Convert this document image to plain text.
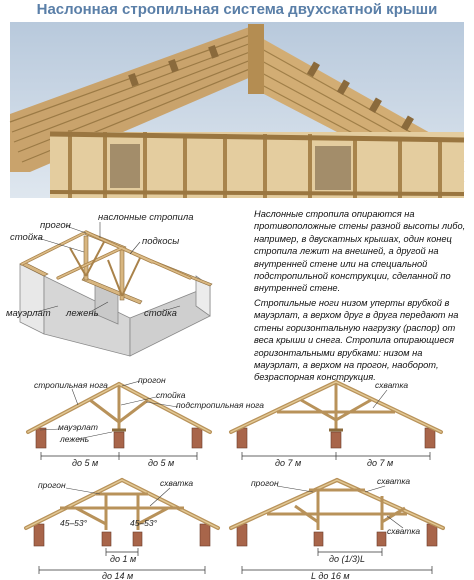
Наслонная стропильная система двухскатной крыши
прогон
наслонные стропила
стойка	подкосы
мауэрлат лежень	стойка
Наслонные стропила опираются на противоположные стены разной высоты либо, например, в двускатных крышах, один конец стропила лежит на внешней, а другой на внутренней стене или на специальной подстропильной конструкции, сделанной по внутренней стене.
Стропильные ноги низом уперты врубкой в мауэрлат, а верхом друг в друга передают на стены горизонтальную нагрузку (распор) от веса крыши и снега. Стропила опирающиеся горизонтальными врубками: низом на мауэрлат, а верхом на прогон, наоборот, безраспорная конструкция.
стропильная нога	прогон
стойка
подстропильная нога
мауэрлат
лежень
до 5 м	до 5 м
схватка
до 7 м	до 7 м
прогон	схватка
45–53°	45–53°
до 1 м
до 14 м
прогон	схватка
схватка
до (1/3)L
L до 16 м
